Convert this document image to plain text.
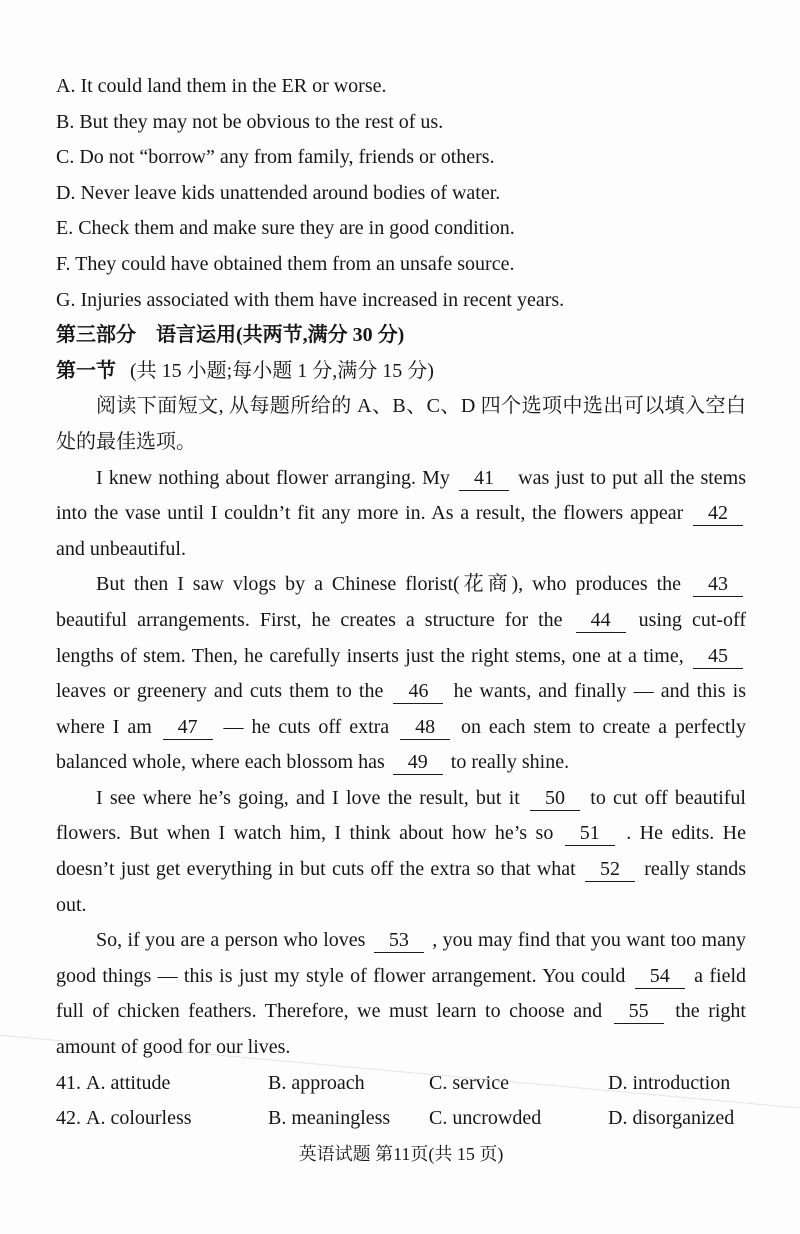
A. It could land them in the ER or worse.
B. But they may not be obvious to the rest of us.
C. Do not “borrow” any from family, friends or others.
D. Never leave kids unattended around bodies of water.
E. Check them and make sure they are in good condition.
F. They could have obtained them from an unsafe source.
G. Injuries associated with them have increased in recent years.
第三部分 语言运用(共两节,满分 30 分)
第一节 (共 15 小题;每小题 1 分,满分 15 分)

阅读下面短文, 从每题所给的 A、B、C、D 四个选项中选出可以填入空白处的最佳选项。

I knew nothing about flower arranging. My 41 was just to put all the stems into the vase until I couldn’t fit any more in. As a result, the flowers appear 42 and unbeautiful.

But then I saw vlogs by a Chinese florist(花商), who produces the 43 beautiful arrangements. First, he creates a structure for the 44 using cut-off lengths of stem. Then, he carefully inserts just the right stems, one at a time, 45 leaves or greenery and cuts them to the 46 he wants, and finally — and this is where I am 47 — he cuts off extra 48 on each stem to create a perfectly balanced whole, where each blossom has 49 to really shine.

I see where he’s going, and I love the result, but it 50 to cut off beautiful flowers. But when I watch him, I think about how he’s so 51 . He edits. He doesn’t just get everything in but cuts off the extra so that what 52 really stands out.

So, if you are a person who loves 53 , you may find that you want too many good things — this is just my style of flower arrangement. You could 54 a field full of chicken feathers. Therefore, we must learn to choose and 55 the right amount of good for our lives.

41. A. attitude	B. approach	C. service	D. introduction
42. A. colourless	B. meaningless	C. uncrowded	D. disorganized
英语试题 第11页(共 15 页)
